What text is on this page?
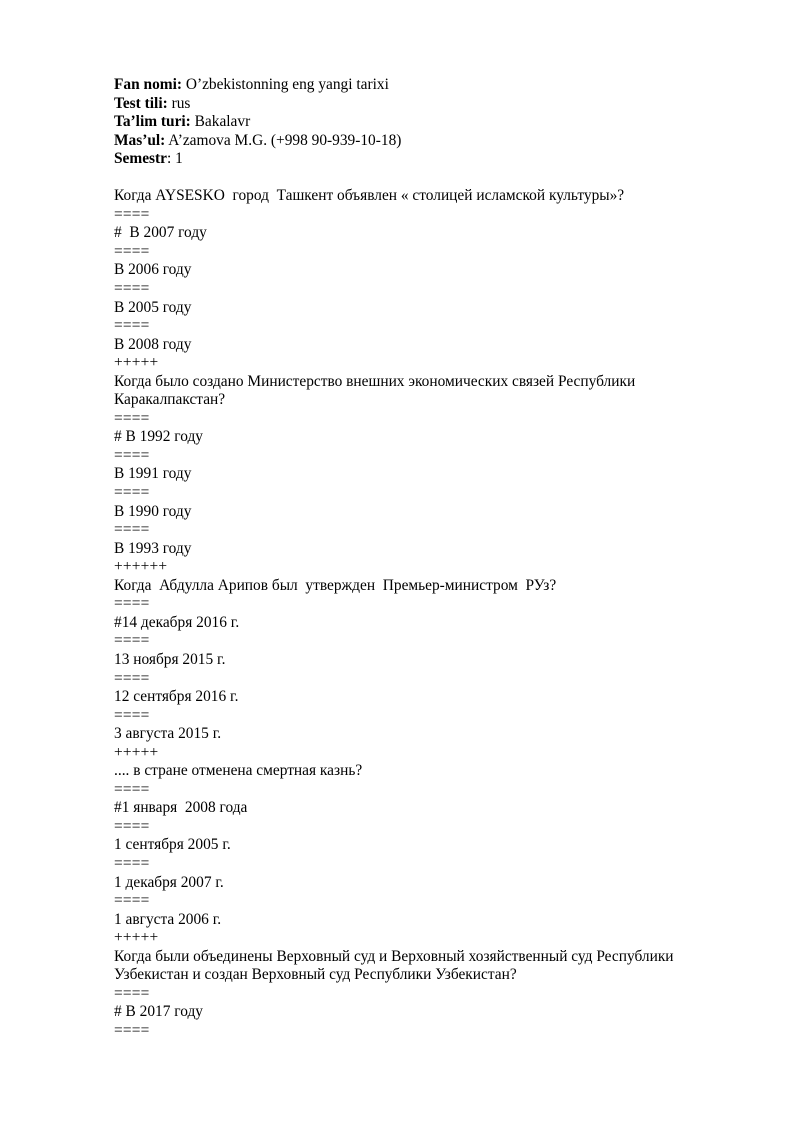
Fan nomi: O’zbekistonning eng yangi tarixi
Test tili: rus
Ta’lim turi: Bakalavr
Mas’ul: A’zamova M.G. (+998 90-939-10-18)
Semestr: 1
Когда AYSESKO  город  Ташкент объявлен « столицей исламской культуры»?
====
#  В 2007 году
====
В 2006 году
====
В 2005 году
====
В 2008 году
+++++
Когда было создано Министерство внешних экономических связей Республики Каракалпакстан?
====
# В 1992 году
====
В 1991 году
====
В 1990 году
====
В 1993 году
++++++
Когда  Абдулла Арипов был  утвержден  Премьер-министром  РУз?
====
#14 декабря 2016 г.
====
13 ноября 2015 г.
====
12 сентября 2016 г.
====
3 августа 2015 г.
+++++
.... в стране отменена смертная казнь?
====
#1 января  2008 года
====
1 сентября 2005 г.
====
1 декабря 2007 г.
====
1 августа 2006 г.
+++++
Когда были объединены Верховный суд и Верховный хозяйственный суд Республики Узбекистан и создан Верховный суд Республики Узбекистан?
====
# В 2017 году
====
